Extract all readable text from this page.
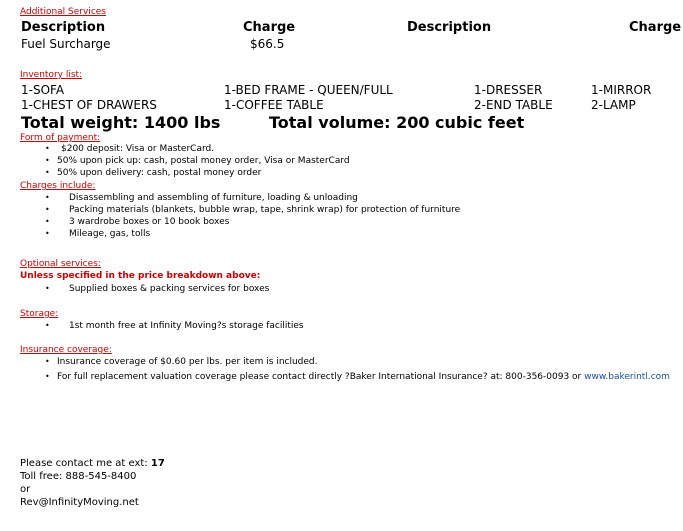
Additional Services
Description	Charge	Description	Charge
Fuel Surcharge	$66.5
Inventory list:
1-SOFA	1-BED FRAME - QUEEN/FULL	1-DRESSER	1-MIRROR
1-CHEST OF DRAWERS	1-COFFEE TABLE	2-END TABLE	2-LAMP
Total weight: 1400 lbs	Total volume: 200 cubic feet
Form of payment:
• $200 deposit: Visa or MasterCard.
• 50% upon pick up: cash, postal money order, Visa or MasterCard
• 50% upon delivery: cash, postal money order
Charges include:
• Disassembling and assembling of furniture, loading & unloading
• Packing materials (blankets, bubble wrap, tape, shrink wrap) for protection of furniture
• 3 wardrobe boxes or 10 book boxes
• Mileage, gas, tolls
Optional services:
Unless specified in the price breakdown above:
• Supplied boxes & packing services for boxes
Storage:
• 1st month free at Infinity Moving?s storage facilities
Insurance coverage:
• Insurance coverage of $0.60 per lbs. per item is included.
• For full replacement valuation coverage please contact directly ?Baker International Insurance? at: 800-356-0093 or www.bakerintl.com
Please contact me at ext: 17
Toll free: 888-545-8400
or
Rev@InfinityMoving.net
